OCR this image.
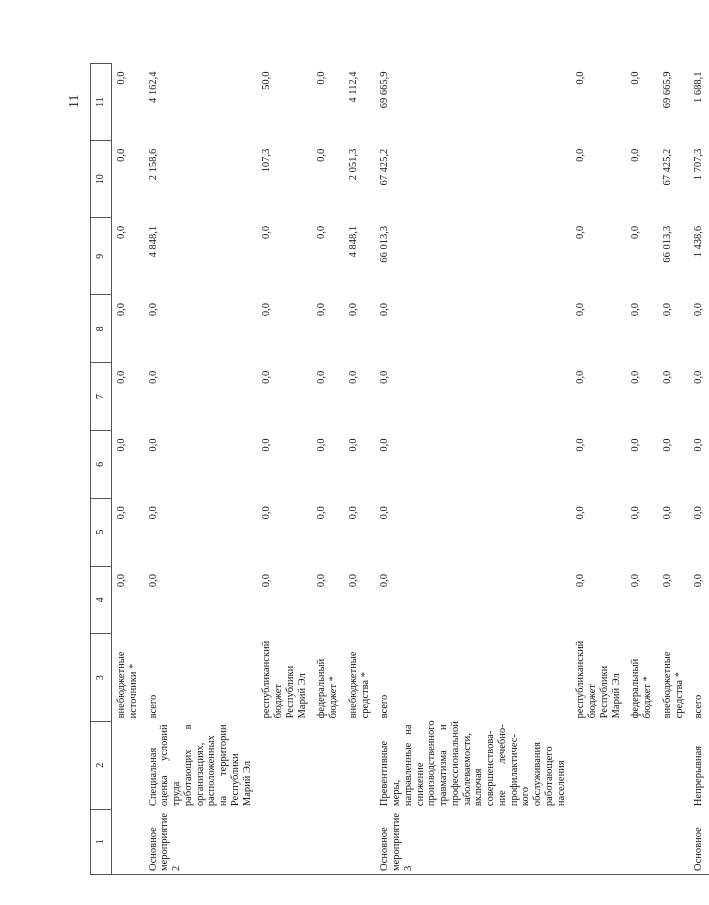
11
1	2	3	4	5	6	7	8	9	10	11
		внебюджетные источники *	0,0	0,0	0,0	0,0	0,0	0,0	0,0	0,0
Основное мероприятие 2	Специальная оценка условий труда работающих в организациях, расположенных на территории Республики Марий Эл	всего	0,0	0,0	0,0	0,0	0,0	4 848,1	2 158,6	4 162,4
		республиканский бюджет Республики Марий Эл	0,0	0,0	0,0	0,0	0,0	0,0	107,3	50,0
		федеральный бюджет *	0,0	0,0	0,0	0,0	0,0	0,0	0,0	0,0
		внебюджетные средства *	0,0	0,0	0,0	0,0	0,0	4 848,1	2 051,3	4 112,4
Основное мероприятие 3	Превентивные меры, направленные на снижение производственного травматизма и профессиональной заболеваемости, включая совершенствова-ние лечебно-профилактичес-кого обслуживания работающего населения	всего	0,0	0,0	0,0	0,0	0,0	66 013,3	67 425,2	69 665,9
		республиканский бюджет Республики Марий Эл	0,0	0,0	0,0	0,0	0,0	0,0	0,0	0,0
		федеральный бюджет *	0,0	0,0	0,0	0,0	0,0	0,0	0,0	0,0
		внебюджетные средства *	0,0	0,0	0,0	0,0	0,0	66 013,3	67 425,2	69 665,9
Основное	Непрерывная	всего	0,0	0,0	0,0	0,0	0,0	1 438,6	1 707,3	1 688,1
